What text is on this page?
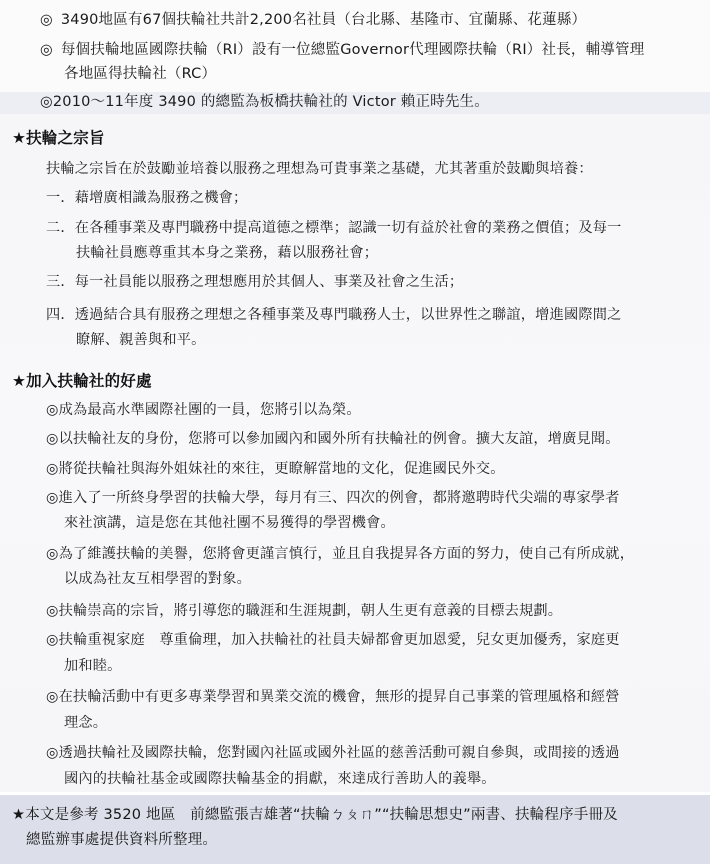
◎ 3490地區有67個扶輪社共計2,200名社員（台北縣、基隆市、宜蘭縣、花蓮縣）
◎ 每個扶輪地區國際扶輪（RI）設有一位總監Governor代理國際扶輪（RI）社長，輔導管理
各地區得扶輪社（RC）
◎2010～11年度 3490 的總監為板橋扶輪社的 Victor 賴正時先生。
★扶輪之宗旨
扶輪之宗旨在於鼓勵並培養以服務之理想為可貴事業之基礎，尤其著重於鼓勵與培養：
一．藉增廣相識為服務之機會；
二．在各種事業及專門職務中提高道德之標準；認識一切有益於社會的業務之價值；及每一
扶輪社員應尊重其本身之業務，藉以服務社會；
三．每一社員能以服務之理想應用於其個人、事業及社會之生活；
四．透過結合具有服務之理想之各種事業及專門職務人士，以世界性之聯誼，增進國際間之
瞭解、親善與和平。
★加入扶輪社的好處
◎成為最高水準國際社團的一員，您將引以為榮。
◎以扶輪社友的身份，您將可以參加國內和國外所有扶輪社的例會。擴大友誼，增廣見聞。
◎將從扶輪社與海外姐妹社的來往，更瞭解當地的文化，促進國民外交。
◎進入了一所終身學習的扶輪大學，每月有三、四次的例會，都將邀聘時代尖端的專家學者
來社演講，這是您在其他社團不易獲得的學習機會。
◎為了維護扶輪的美譽，您將會更謹言慎行，並且自我提昇各方面的努力，使自己有所成就，
以成為社友互相學習的對象。
◎扶輪崇高的宗旨，將引導您的職涯和生涯規劃，朝人生更有意義的目標去規劃。
◎扶輪重視家庭　尊重倫理，加入扶輪社的社員夫婦都會更加恩愛，兒女更加優秀，家庭更
加和睦。
◎在扶輪活動中有更多專業學習和異業交流的機會，無形的提昇自己事業的管理風格和經營
理念。
◎透過扶輪社及國際扶輪，您對國內社區或國外社區的慈善活動可親自參與，或間接的透過
國內的扶輪社基金或國際扶輪基金的捐獻，來達成行善助人的義舉。
★本文是參考 3520 地區　前總監張吉雄著“扶輪ㄅㄆㄇ”“扶輪思想史”兩書、扶輪程序手冊及
總監辦事處提供資料所整理。
